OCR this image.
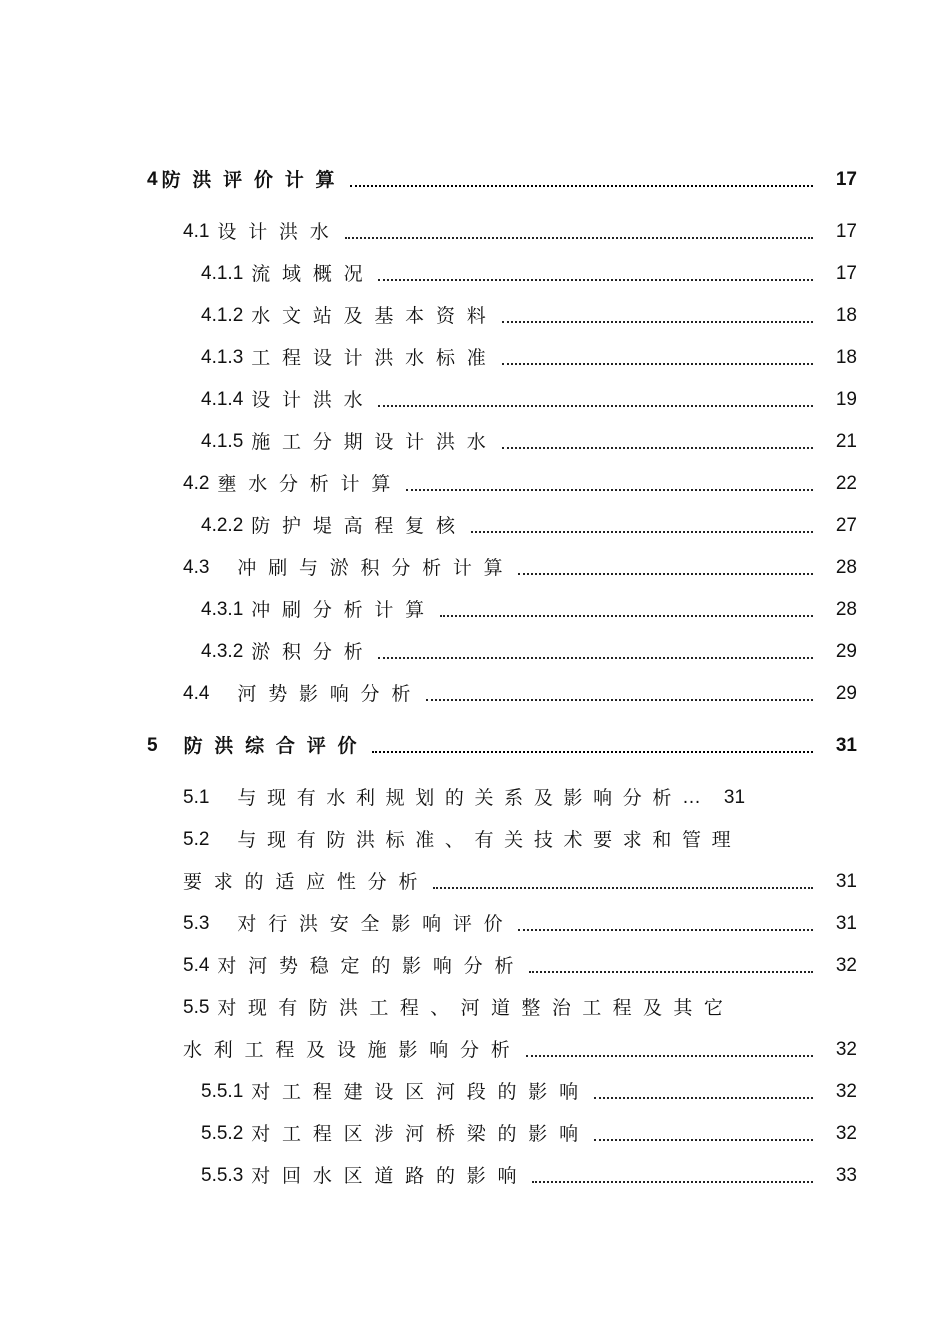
4 防洪评价计算	17
4.1 设计洪水	17
4.1.1 流域概况	17
4.1.2 水文站及基本资料	18
4.1.3 工程设计洪水标准	18
4.1.4 设计洪水	19
4.1.5 施工分期设计洪水	21
4.2 壅水分析计算	22
4.2.2 防护堤高程复核	27
4.3 冲刷与淤积分析计算	28
4.3.1 冲刷分析计算	28
4.3.2 淤积分析	29
4.4 河势影响分析	29
5 防洪综合评价	31
5.1 与现有水利规划的关系及影响分析 …	31
5.2 与现有防洪标准、有关技术要求和管理
要求的适应性分析	31
5.3 对行洪安全影响评价	31
5.4 对河势稳定的影响分析	32
5.5 对现有防洪工程、河道整治工程及其它
水利工程及设施影响分析	32
5.5.1 对工程建设区河段的影响	32
5.5.2 对工程区涉河桥梁的影响	32
5.5.3 对回水区道路的影响	33
